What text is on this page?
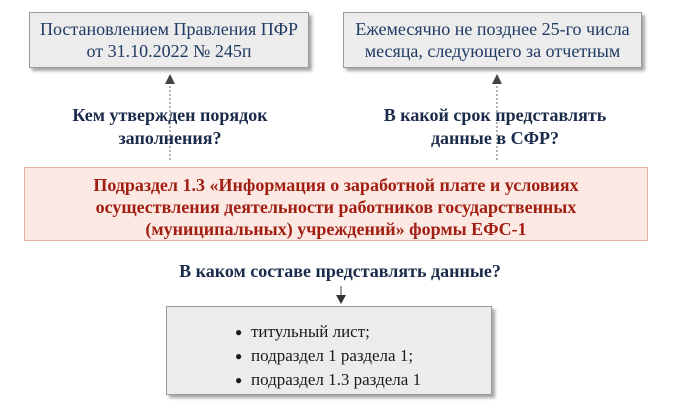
Постановлением Правления ПФР
от 31.10.2022 № 245п
Ежемесячно не позднее 25-го числа
месяца, следующего за отчетным
Кем утвержден порядок
заполнения?
В какой срок представлять
данные в СФР?
Подраздел 1.3 «Информация о заработной плате и условиях
осуществления деятельности работников государственных
(муниципальных) учреждений» формы ЕФС-1
В каком составе представлять данные?
● титульный лист;
● подраздел 1 раздела 1;
● подраздел 1.3 раздела 1
